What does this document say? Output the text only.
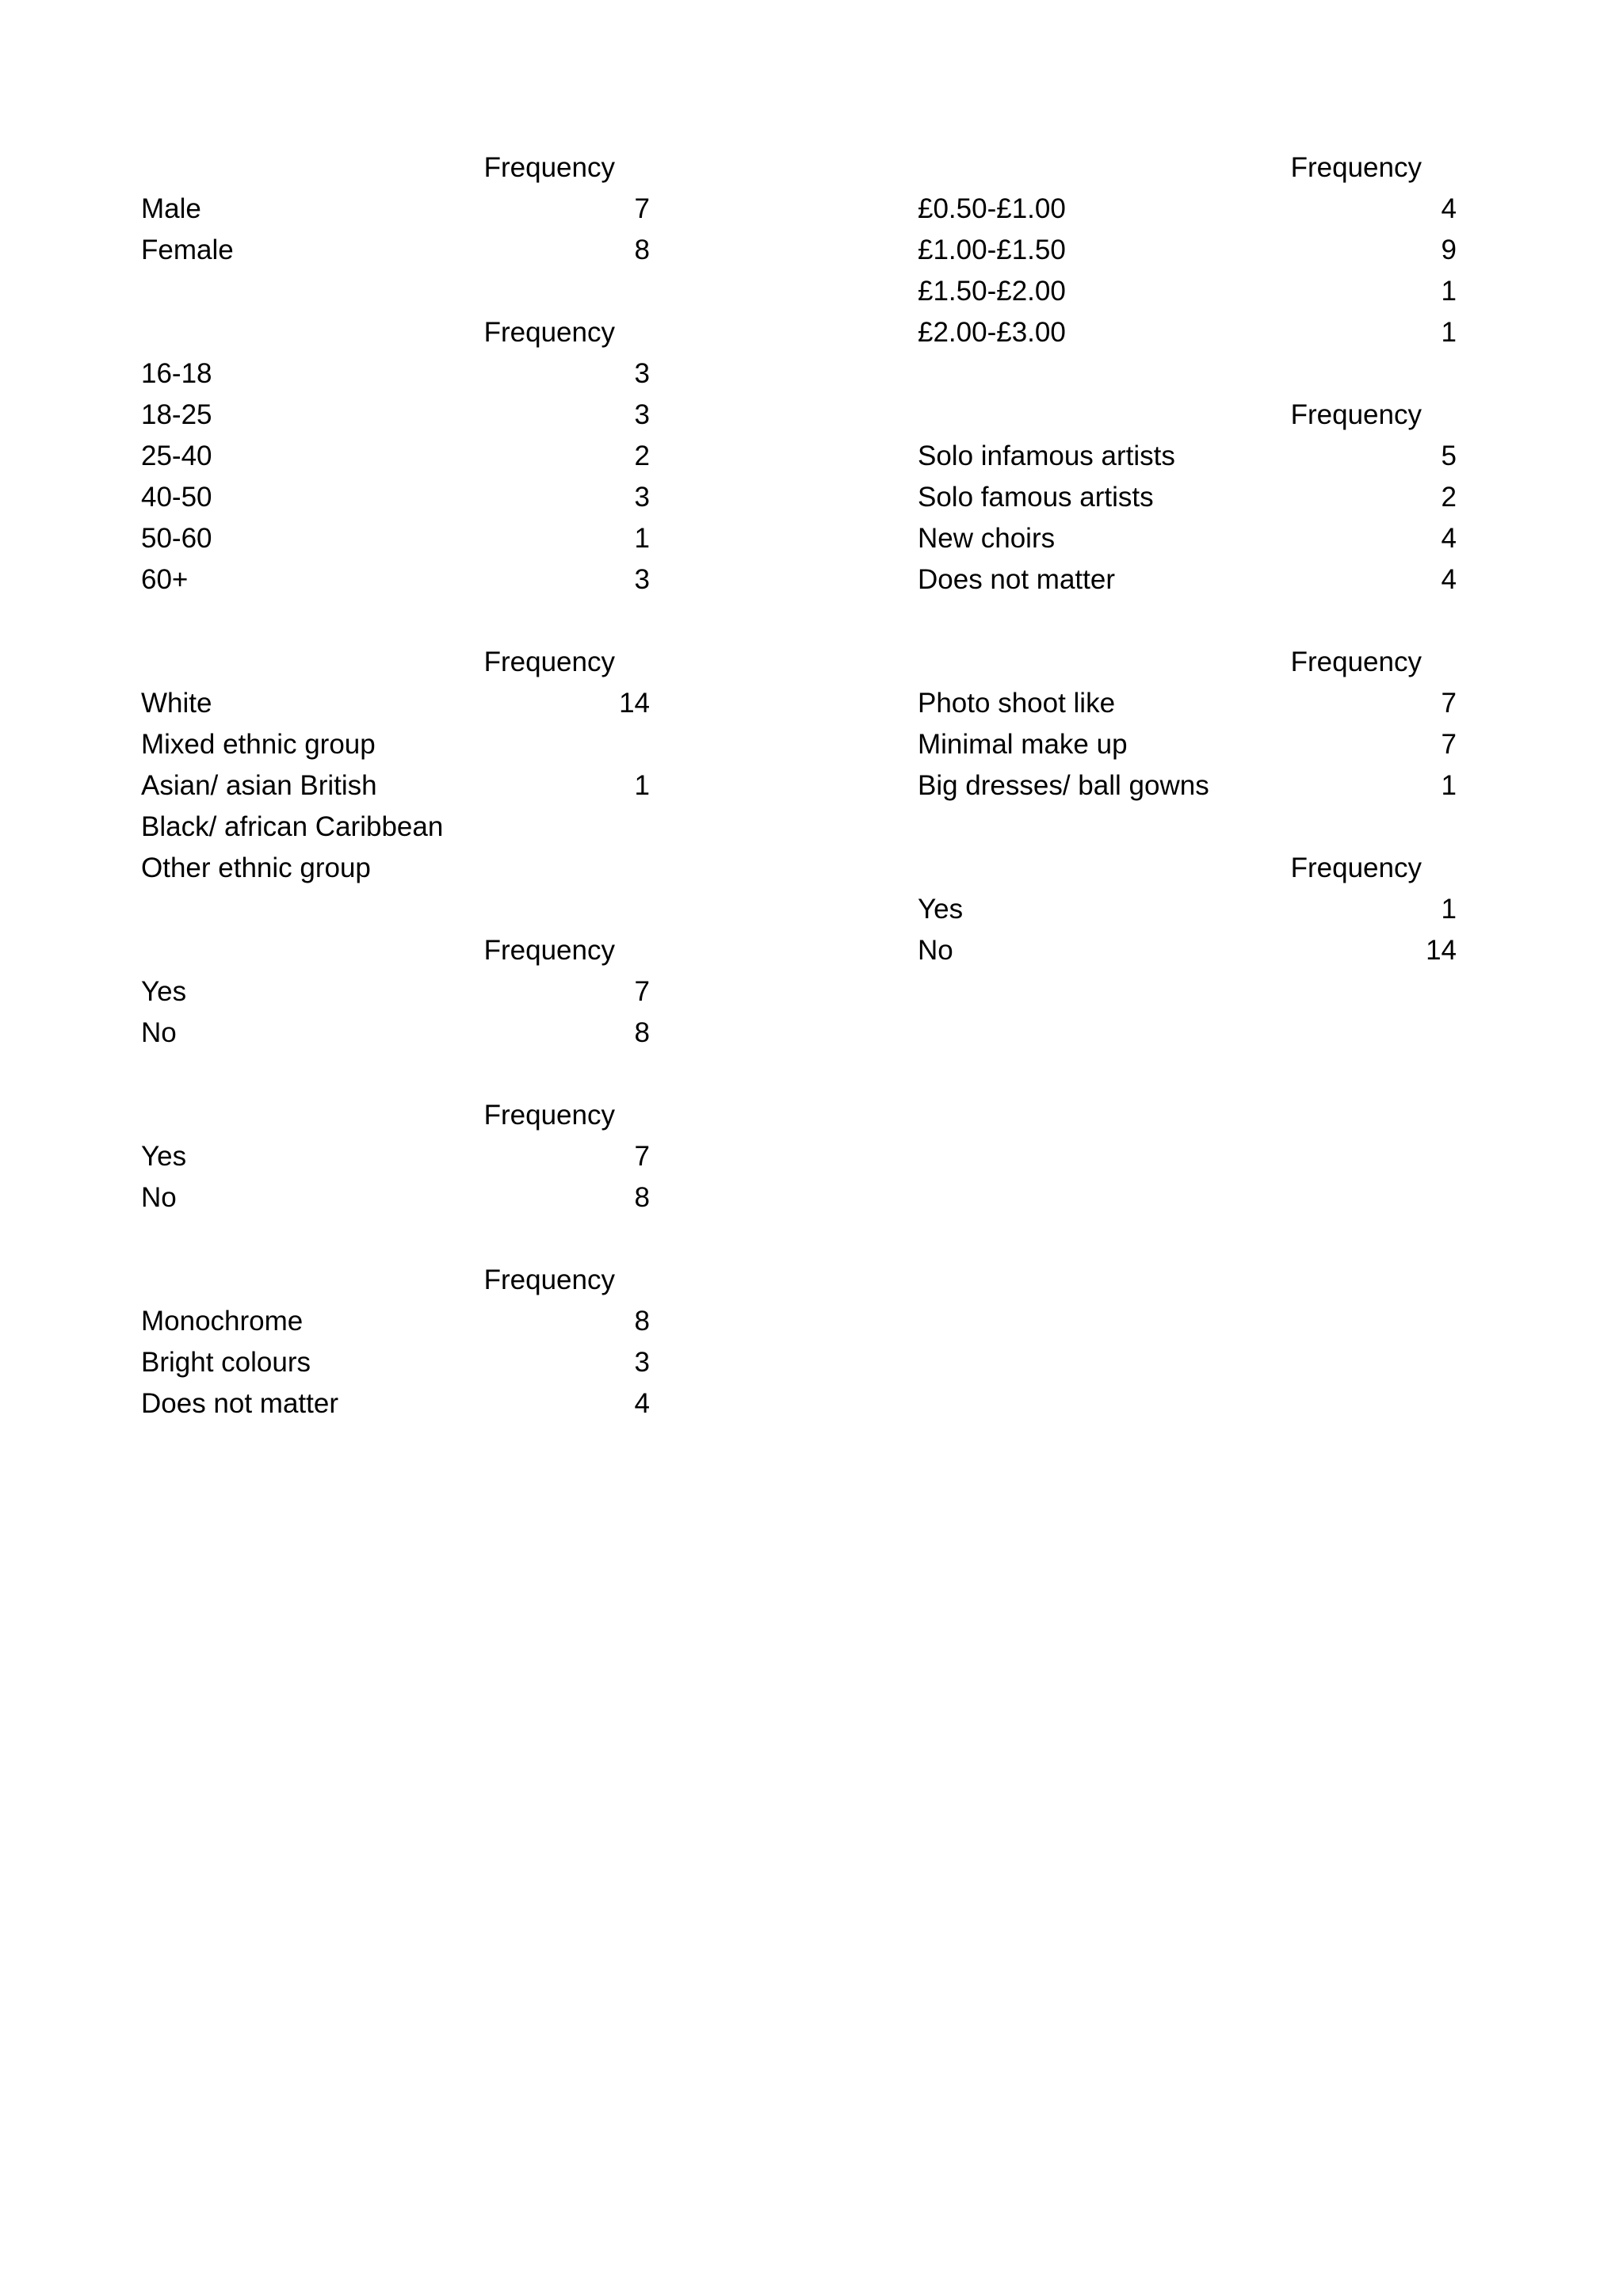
	Frequency
Male	7
Female	8

	Frequency
16-18	3
18-25	3
25-40	2
40-50	3
50-60	1
60+	3

	Frequency
White	14
Mixed ethnic group	
Asian/ asian British	1
Black/ african Caribbean	
Other ethnic group	

	Frequency
Yes	7
No	8

	Frequency
Yes	7
No	8

	Frequency
Monochrome	8
Bright colours	3
Does not matter	4
	Frequency
£0.50-£1.00	4
£1.00-£1.50	9
£1.50-£2.00	1
£2.00-£3.00	1

	Frequency
Solo infamous artists	5
Solo famous artists	2
New choirs	4
Does not matter	4

	Frequency
Photo shoot like	7
Minimal make up	7
Big dresses/ ball gowns	1

	Frequency
Yes	1
No	14
